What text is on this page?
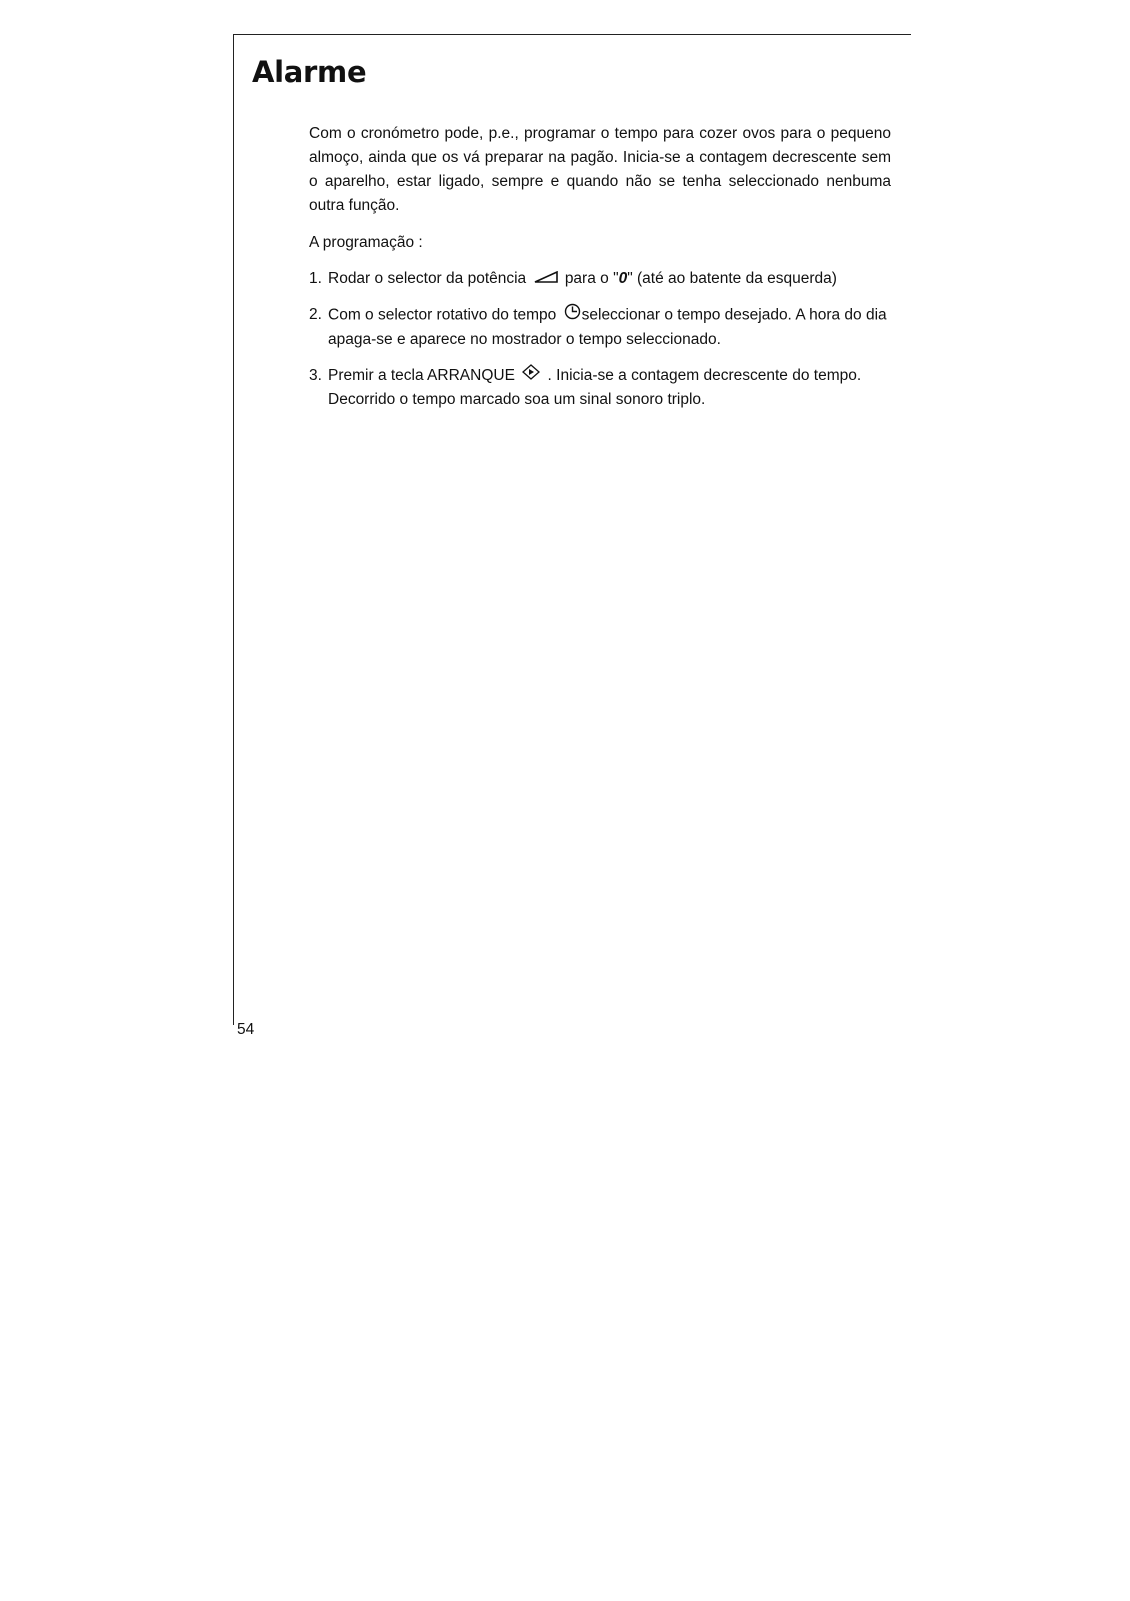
Alarme

Com o cronómetro pode, p.e., programar o tempo para cozer ovos para o pequeno almoço, ainda que os vá preparar na pagão. Inicia-se a contagem decrescente sem o aparelho, estar ligado, sempre e quando não se tenha seleccionado nenbuma outra função.

A programação :

1. Rodar o selector da potência para o "0" (até ao batente da esquerda)
2. Com o selector rotativo do tempo seleccionar o tempo desejado. A hora do dia apaga-se e aparece no mostrador o tempo seleccionado.
3. Premir a tecla ARRANQUE . Inicia-se a contagem decrescente do tempo. Decorrido o tempo marcado soa um sinal sonoro triplo.
54
